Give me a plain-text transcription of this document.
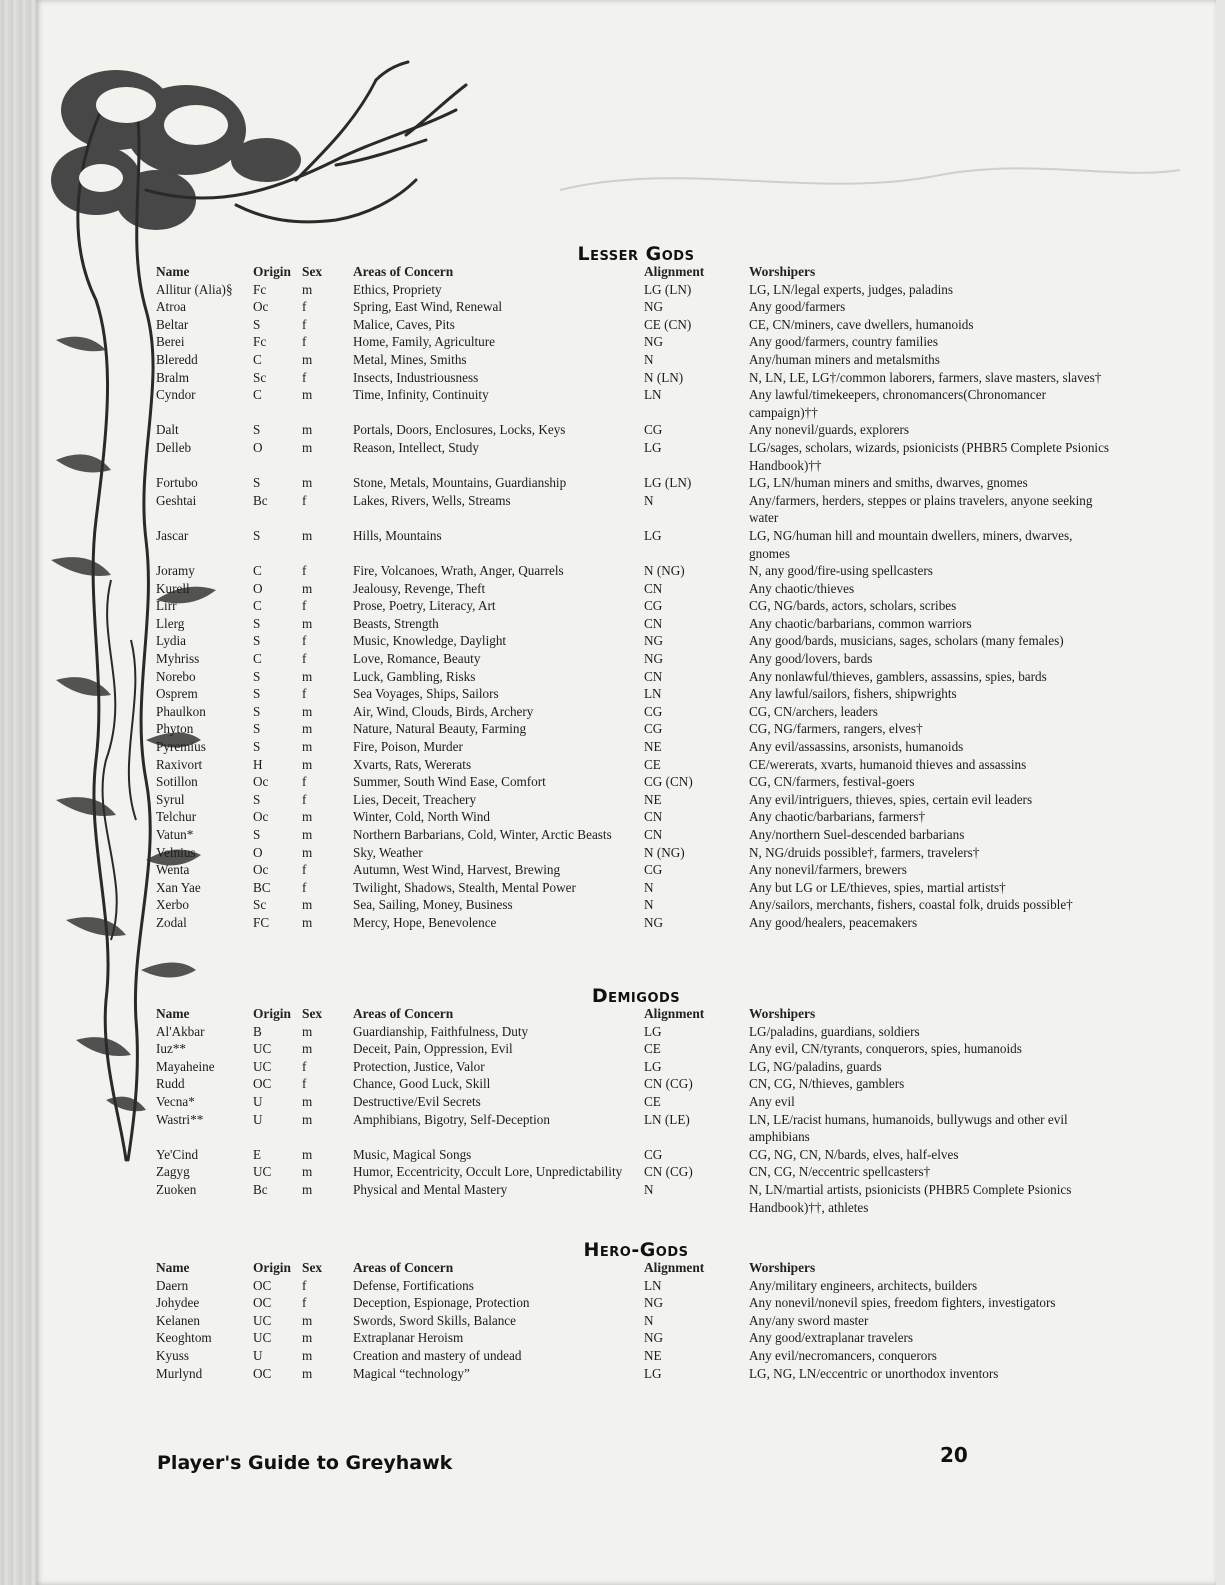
Lesser Gods
Name	Origin	Sex	Areas of Concern	Alignment	Worshipers
Allitur (Alia)§	Fc	m	Ethics, Propriety	LG (LN)	LG, LN/legal experts, judges, paladins
Atroa	Oc	f	Spring, East Wind, Renewal	NG	Any good/farmers
Beltar	S	f	Malice, Caves, Pits	CE (CN)	CE, CN/miners, cave dwellers, humanoids
Berei	Fc	f	Home, Family, Agriculture	NG	Any good/farmers, country families
Bleredd	C	m	Metal, Mines, Smiths	N	Any/human miners and metalsmiths
Bralm	Sc	f	Insects, Industriousness	N (LN)	N, LN, LE, LG†/common laborers, farmers, slave masters, slaves†
Cyndor	C	m	Time, Infinity, Continuity	LN	Any lawful/timekeepers, chronomancers(Chronomancer campaign)††
Dalt	S	m	Portals, Doors, Enclosures, Locks, Keys	CG	Any nonevil/guards, explorers
Delleb	O	m	Reason, Intellect, Study	LG	LG/sages, scholars, wizards, psionicists (PHBR5 Complete Psionics Handbook)††
Fortubo	S	m	Stone, Metals, Mountains, Guardianship	LG (LN)	LG, LN/human miners and smiths, dwarves, gnomes
Geshtai	Bc	f	Lakes, Rivers, Wells, Streams	N	Any/farmers, herders, steppes or plains travelers, anyone seeking water
Jascar	S	m	Hills, Mountains	LG	LG, NG/human hill and mountain dwellers, miners, dwarves, gnomes
Joramy	C	f	Fire, Volcanoes, Wrath, Anger, Quarrels	N (NG)	N, any good/fire-using spellcasters
Kurell	O	m	Jealousy, Revenge, Theft	CN	Any chaotic/thieves
Lirr	C	f	Prose, Poetry, Literacy, Art	CG	CG, NG/bards, actors, scholars, scribes
Llerg	S	m	Beasts, Strength	CN	Any chaotic/barbarians, common warriors
Lydia	S	f	Music, Knowledge, Daylight	NG	Any good/bards, musicians, sages, scholars (many females)
Myhriss	C	f	Love, Romance, Beauty	NG	Any good/lovers, bards
Norebo	S	m	Luck, Gambling, Risks	CN	Any nonlawful/thieves, gamblers, assassins, spies, bards
Osprem	S	f	Sea Voyages, Ships, Sailors	LN	Any lawful/sailors, fishers, shipwrights
Phaulkon	S	m	Air, Wind, Clouds, Birds, Archery	CG	CG, CN/archers, leaders
Phyton	S	m	Nature, Natural Beauty, Farming	CG	CG, NG/farmers, rangers, elves†
Pyremius	S	m	Fire, Poison, Murder	NE	Any evil/assassins, arsonists, humanoids
Raxivort	H	m	Xvarts, Rats, Wererats	CE	CE/wererats, xvarts, humanoid thieves and assassins
Sotillon	Oc	f	Summer, South Wind Ease, Comfort	CG (CN)	CG, CN/farmers, festival-goers
Syrul	S	f	Lies, Deceit, Treachery	NE	Any evil/intriguers, thieves, spies, certain evil leaders
Telchur	Oc	m	Winter, Cold, North Wind	CN	Any chaotic/barbarians, farmers†
Vatun*	S	m	Northern Barbarians, Cold, Winter, Arctic Beasts	CN	Any/northern Suel-descended barbarians
Velnius	O	m	Sky, Weather	N (NG)	N, NG/druids possible†, farmers, travelers†
Wenta	Oc	f	Autumn, West Wind, Harvest, Brewing	CG	Any nonevil/farmers, brewers
Xan Yae	BC	f	Twilight, Shadows, Stealth, Mental Power	N	Any but LG or LE/thieves, spies, martial artists†
Xerbo	Sc	m	Sea, Sailing, Money, Business	N	Any/sailors, merchants, fishers, coastal folk, druids possible†
Zodal	FC	m	Mercy, Hope, Benevolence	NG	Any good/healers, peacemakers
Demigods
Name	Origin	Sex	Areas of Concern	Alignment	Worshipers
Al'Akbar	B	m	Guardianship, Faithfulness, Duty	LG	LG/paladins, guardians, soldiers
Iuz**	UC	m	Deceit, Pain, Oppression, Evil	CE	Any evil, CN/tyrants, conquerors, spies, humanoids
Mayaheine	UC	f	Protection, Justice, Valor	LG	LG, NG/paladins, guards
Rudd	OC	f	Chance, Good Luck, Skill	CN (CG)	CN, CG, N/thieves, gamblers
Vecna*	U	m	Destructive/Evil Secrets	CE	Any evil
Wastri**	U	m	Amphibians, Bigotry, Self-Deception	LN (LE)	LN, LE/racist humans, humanoids, bullywugs and other evil amphibians
Ye'Cind	E	m	Music, Magical Songs	CG	CG, NG, CN, N/bards, elves, half-elves
Zagyg	UC	m	Humor, Eccentricity, Occult Lore, Unpredictability	CN (CG)	CN, CG, N/eccentric spellcasters†
Zuoken	Bc	m	Physical and Mental Mastery	N	N, LN/martial artists, psionicists (PHBR5 Complete Psionics Handbook)††, athletes
Hero-Gods
Name	Origin	Sex	Areas of Concern	Alignment	Worshipers
Daern	OC	f	Defense, Fortifications	LN	Any/military engineers, architects, builders
Johydee	OC	f	Deception, Espionage, Protection	NG	Any nonevil/nonevil spies, freedom fighters, investigators
Kelanen	UC	m	Swords, Sword Skills, Balance	N	Any/any sword master
Keoghtom	UC	m	Extraplanar Heroism	NG	Any good/extraplanar travelers
Kyuss	U	m	Creation and mastery of undead	NE	Any evil/necromancers, conquerors
Murlynd	OC	m	Magical “technology”	LG	LG, NG, LN/eccentric or unorthodox inventors
Player's Guide to Greyhawk	20
